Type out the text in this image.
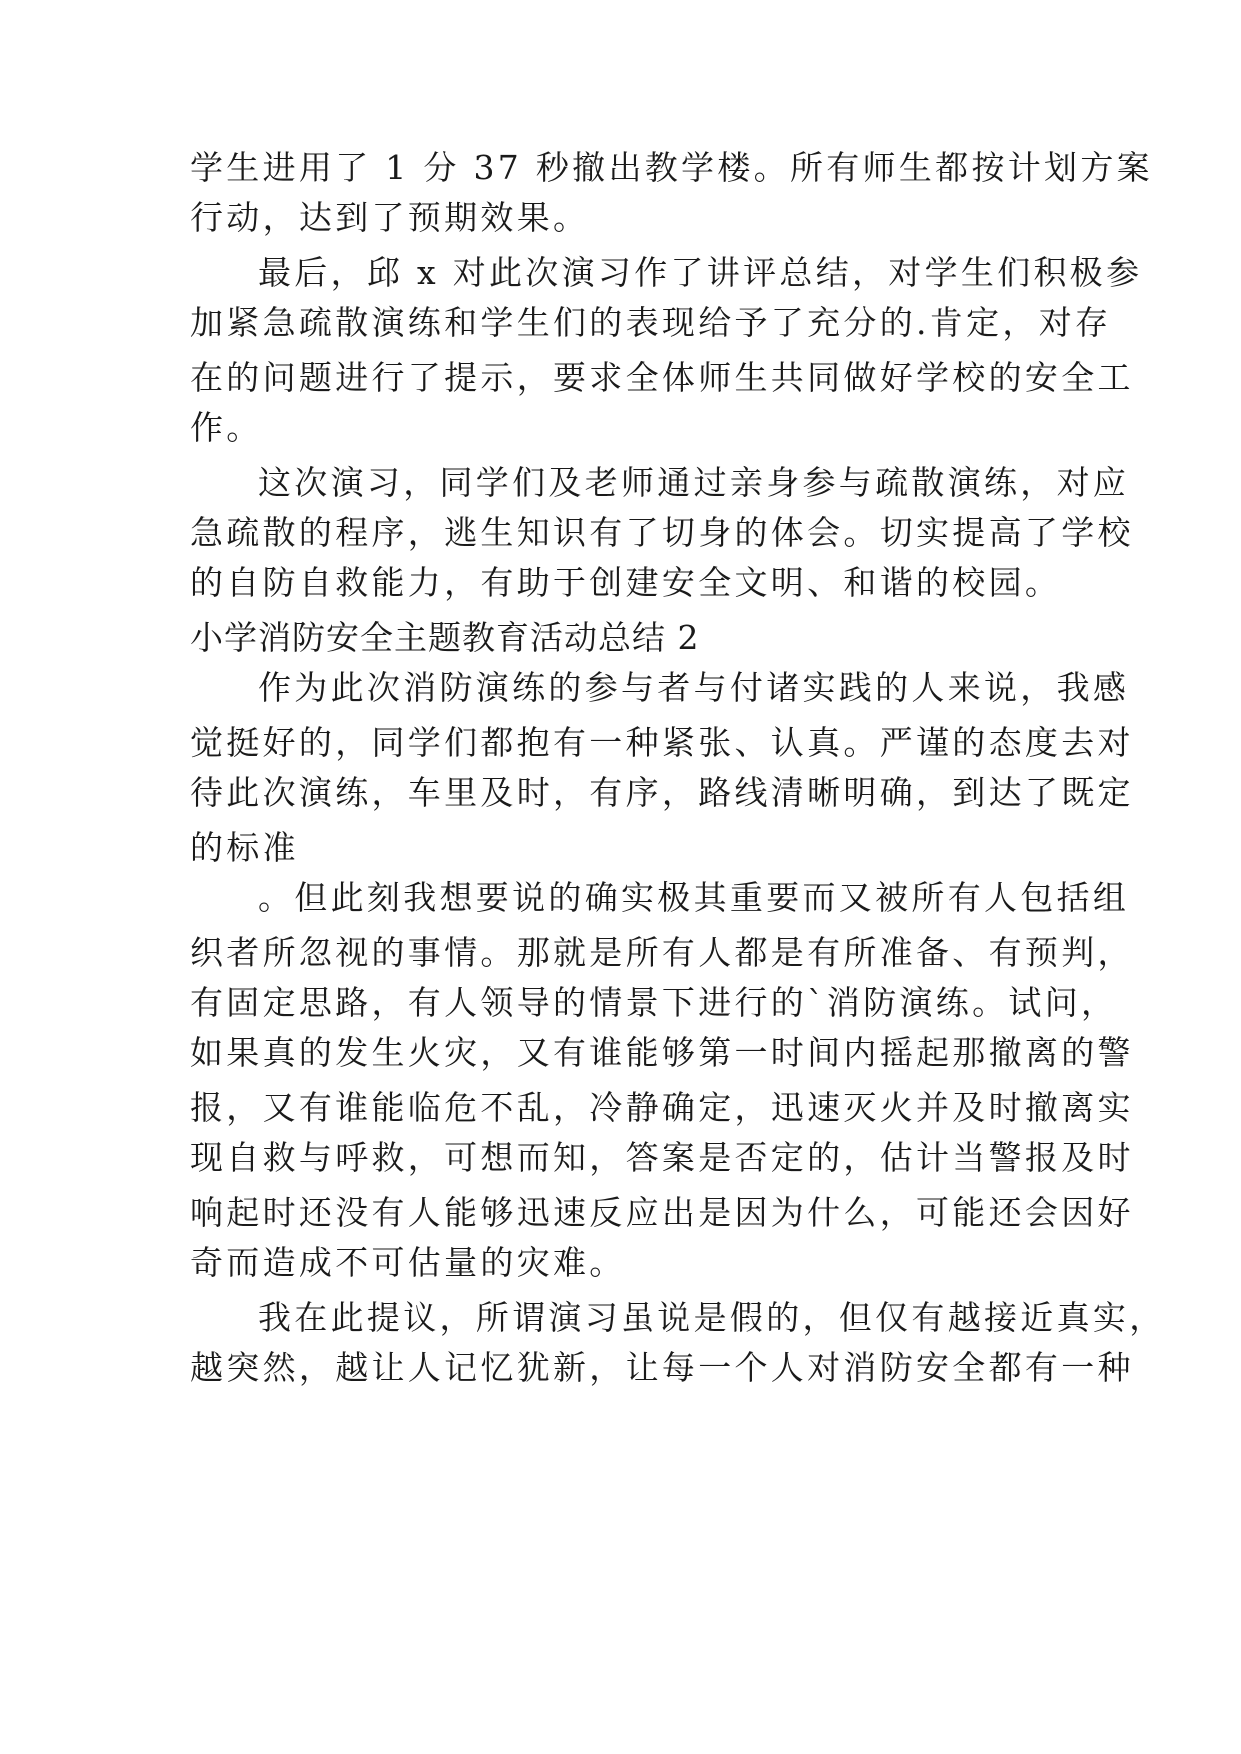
学生进用了 1 分 37 秒撤出教学楼。所有师生都按计划方案
行动，达到了预期效果。
最后，邱 x 对此次演习作了讲评总结，对学生们积极参
加紧急疏散演练和学生们的表现给予了充分的.肯定，对存
在的问题进行了提示，要求全体师生共同做好学校的安全工
作。
这次演习，同学们及老师通过亲身参与疏散演练，对应
急疏散的程序，逃生知识有了切身的体会。切实提高了学校
的自防自救能力，有助于创建安全文明、和谐的校园。
小学消防安全主题教育活动总结 2
作为此次消防演练的参与者与付诸实践的人来说，我感
觉挺好的，同学们都抱有一种紧张、认真。严谨的态度去对
待此次演练，车里及时，有序，路线清晰明确，到达了既定
的标准
。但此刻我想要说的确实极其重要而又被所有人包括组
织者所忽视的事情。那就是所有人都是有所准备、有预判，
有固定思路，有人领导的情景下进行的`消防演练。试问，
如果真的发生火灾，又有谁能够第一时间内摇起那撤离的警
报，又有谁能临危不乱，冷静确定，迅速灭火并及时撤离实
现自救与呼救，可想而知，答案是否定的，估计当警报及时
响起时还没有人能够迅速反应出是因为什么，可能还会因好
奇而造成不可估量的灾难。
我在此提议，所谓演习虽说是假的，但仅有越接近真实，
越突然，越让人记忆犹新，让每一个人对消防安全都有一种
